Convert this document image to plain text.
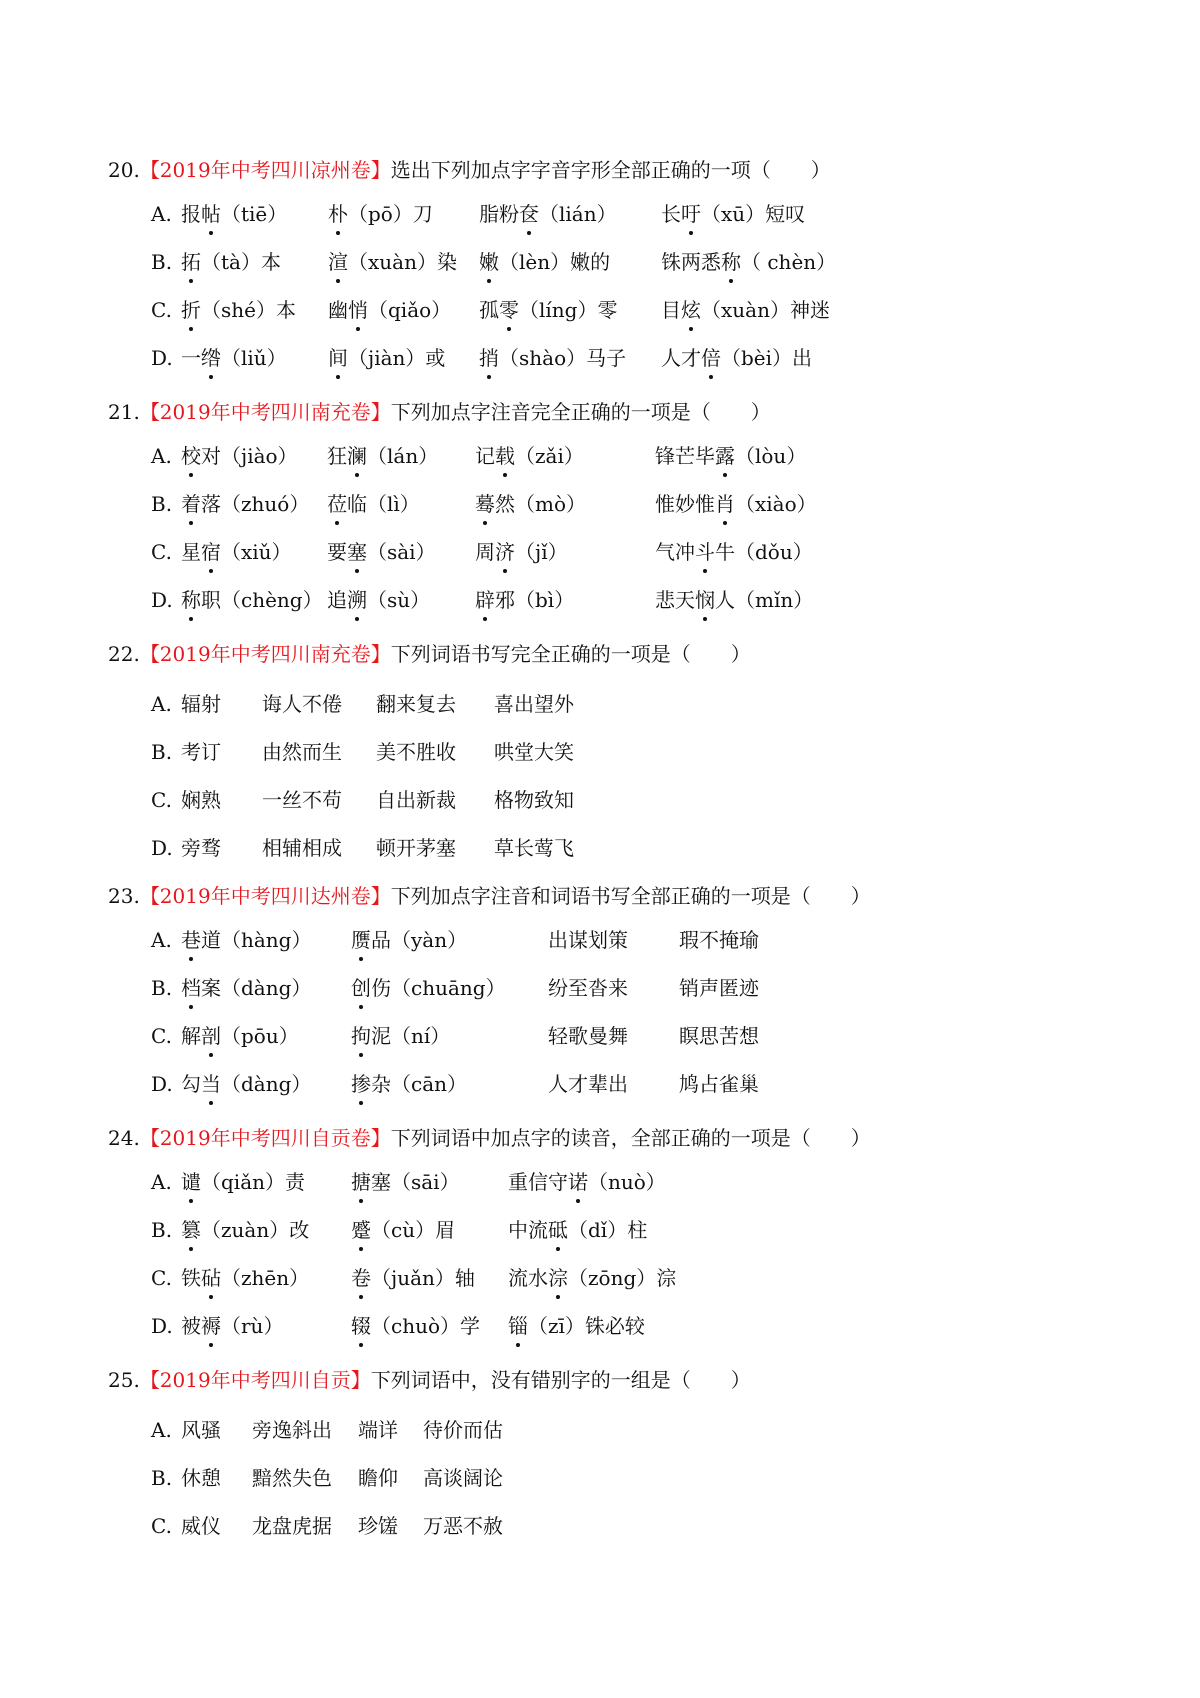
20.【2019年中考四川凉州卷】选出下列加点字字音字形全部正确的一项（　　）
A. 报帖（tiē） 朴（pō）刀 脂粉奁（lián） 长吁（xū）短叹
B. 拓（tà）本 渲（xuàn）染 嫩（lèn）嫩的	铢两悉称（ chèn）
C. 折（shé）本 幽悄（qiǎo） 孤零（líng）零 目炫（xuàn）神迷
D. 一绺（liǔ） 间（jiàn）或 捎（shào）马子 人才倍（bèi）出
21.【2019年中考四川南充卷】下列加点字注音完全正确的一项是（　　）
A. 校对（jiào） 狂澜（lán） 记载（zǎi）	锋芒毕露（lòu）
B. 着落（zhuó） 莅临（lì）	蓦然（mò）	惟妙惟肖（xiào）
C. 星宿（xiǔ） 要塞（sài） 周济（jǐ）	气冲斗牛（dǒu）
D. 称职（chèng） 追溯（sù） 辟邪（bì）	悲天悯人（mǐn）
22.【2019年中考四川南充卷】下列词语书写完全正确的一项是（　　）
A. 辐射 诲人不倦 翻来复去 喜出望外
B. 考订 由然而生 美不胜收 哄堂大笑
C. 娴熟 一丝不苟 自出新裁 格物致知
D. 旁骛 相辅相成 顿开茅塞 草长莺飞
23.【2019年中考四川达州卷】下列加点字注音和词语书写全部正确的一项是（　　）
A. 巷道（hàng） 赝品（yàn）	出谋划策	瑕不掩瑜
B. 档案（dàng） 创伤（chuāng） 纷至沓来	销声匿迹
C. 解剖（pōu）	拘泥（ní）	轻歌曼舞	瞑思苦想
D. 勾当（dàng） 掺杂（cān）	人才辈出	鸠占雀巢
24.【2019年中考四川自贡卷】下列词语中加点字的读音，全部正确的一项是（　　）
A. 谴（qiǎn）责 搪塞（sāi） 重信守诺（nuò）
B. 篡（zuàn）改 蹙（cù）眉	中流砥（dǐ）柱
C. 铁砧（zhēn） 卷（juǎn）轴 流水淙（zōng）淙
D. 被褥（rù）	辍（chuò）学 锱（zī）铢必较
25.【2019年中考四川自贡】下列词语中，没有错别字的一组是（　　）
A. 风骚 旁逸斜出 端详 待价而估
B. 休憩 黯然失色 瞻仰 高谈阔论
C. 威仪 龙盘虎据 珍馐 万恶不赦
